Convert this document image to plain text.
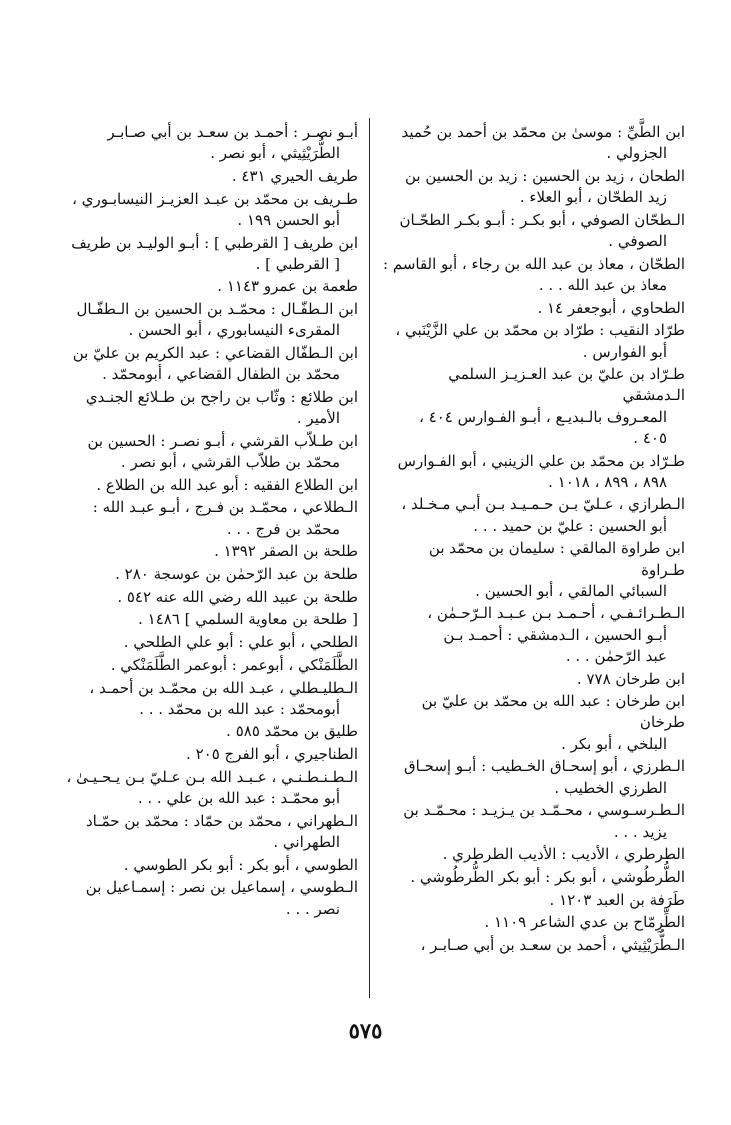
ابن الطَّيِّ : موسىٰ بن محمّد بن أحمد بن حُميد

الجزولي .
الطحان ، زيد بن الحسين : زيد بن الحسين بن

زيد الطحّان ، أبو العلاء .
الـطحّان الصوفي ، أبو بكـر : أبـو بكـر الطحّـان

الصوفي .
الطحّان ، معاذ بن عبد الله بن رجاء ، أبو القاسم :

معاذ بن عبد الله . . .
الطحاوي ، أبوجعفر ١٤ .
طرّاد النقيب : طرّاد بن محمّد بن علي الزَّيْنَبي ،

أبو الفوارس .
طـرّاد بن عليّ بن عبد العـزيـز السلمي الـدمشقي

المعـروف بالـبديـع ، أبـو الفـوارس ٤٠٤ ،
٤٠٥ .
طـرّاد بن محمّد بن علي الزينبي ، أبو الفـوارس

٨٩٨ ، ٨٩٩ ، ١٠١٨ .
الـطرازي ، عـليّ بـن حـمـيـد بـن أبـي مـخـلد ،

أبو الحسين : عليّ بن حميد . . .
ابن طراوة المالقي : سليمان بن محمّد بن طـراوة

السبائي المالقي ، أبو الحسين .
الـطـرائـفـي ، أحـمـد بـن عـبـد الـرّحـمٰن ،

أبـو الحسين ، الـدمشقي : أحمـد بـن
عبد الرّحمٰن . . .
ابن طرخان ٧٧٨ .
ابن طرخان : عبد الله بن محمّد بن عليّ بن طرخان

البلخي ، أبو بكر .
الـطرزي ، أبو إسحـاق الخـطيب : أبـو إسحـاق

الطرزي الخطيب .
الـطـرسـوسي ، محـمّـد بن يـزيـد : محـمّـد بن

يزيد . . .
الطرطري ، الأديب : الأديب الطرطري .
الطُّرطُوشي ، أبو بكر : أبو بكر الطُّرطُوشي .
طَرَفة بن العبد ١٢٠٣ .
الطِّرِمّاح بن عدي الشاعر ١١٠٩ .
الـطُّرَيْثِيثي ، أحمد بن سعـد بن أبي صـابـر ،
أبـو نصـر : أحمـد بن سعـد بن أبي صـابـر

الطُّرَيْثِيثي ، أبو نصر .
طريف الحيري ٤٣١ .
طـريف بن محمّد بن عبـد العزيـز النيسابـوري ،

أبو الحسن ١٩٩ .
ابن طريف [ القرطبي ] : أبـو الوليـد بن طريف

[ القرطبي ] .
طعمة بن عمرو ١١٤٣ .
ابن الـطفّـال : محمّـد بن الحسين بن الـطفّـال

المقرىء النيسابوري ، أبو الحسن .
ابن الـطفّال القضاعي : عبد الكريم بن عليّ بن

محمّد بن الطفال القضاعي ، أبومحمّد .
ابن طلائع : وثّاب بن راجح بن طـلائع الجنـدي

الأمير .
ابن طـلاّب القرشي ، أبـو نصـر : الحسين بن

محمّد بن طلاّب القرشي ، أبو نصر .
ابن الطلاع الفقيه : أبو عبد الله بن الطلاع .
الـطلاعي ، محمّـد بن فـرج ، أبـو عبـد الله :

محمّد بن فرج . . .
طلحة بن الصقر ١٣٩٢ .
طلحة بن عبد الرّحمٰن بن عوسجة ٢٨٠ .
طلحة بن عبيد الله رضي الله عنه ٥٤٢ .
[ طلحة بن معاوية السلمي ] ١٤٨٦ .
الطلحي ، أبو علي : أبو علي الطلحي .
الطَّلَمَنْكي ، أبوعمر : أبوعمر الطَّلَمَنْكي .
الـطليـطلي ، عبـد الله بن محمّـد بن أحمـد ،

أبومحمّد : عبد الله بن محمّد . . .
طليق بن محمّد ٥٨٥ .
الطناجيري ، أبو الفرج ٢٠٥ .
الـطـنـطـنـي ، عـبـد الله بـن عـليّ بـن يـحـيـىٰ ،

أبو محمّـد : عبد الله بن علي . . .
الـطهراني ، محمّد بن حمّاد : محمّد بن حمّـاد

الطهراني .
الطوسي ، أبو بكر : أبو بكر الطوسي .
الـطوسي ، إسماعيل بن نصر : إسمـاعيل بن

نصر . . .
٥٧٥
